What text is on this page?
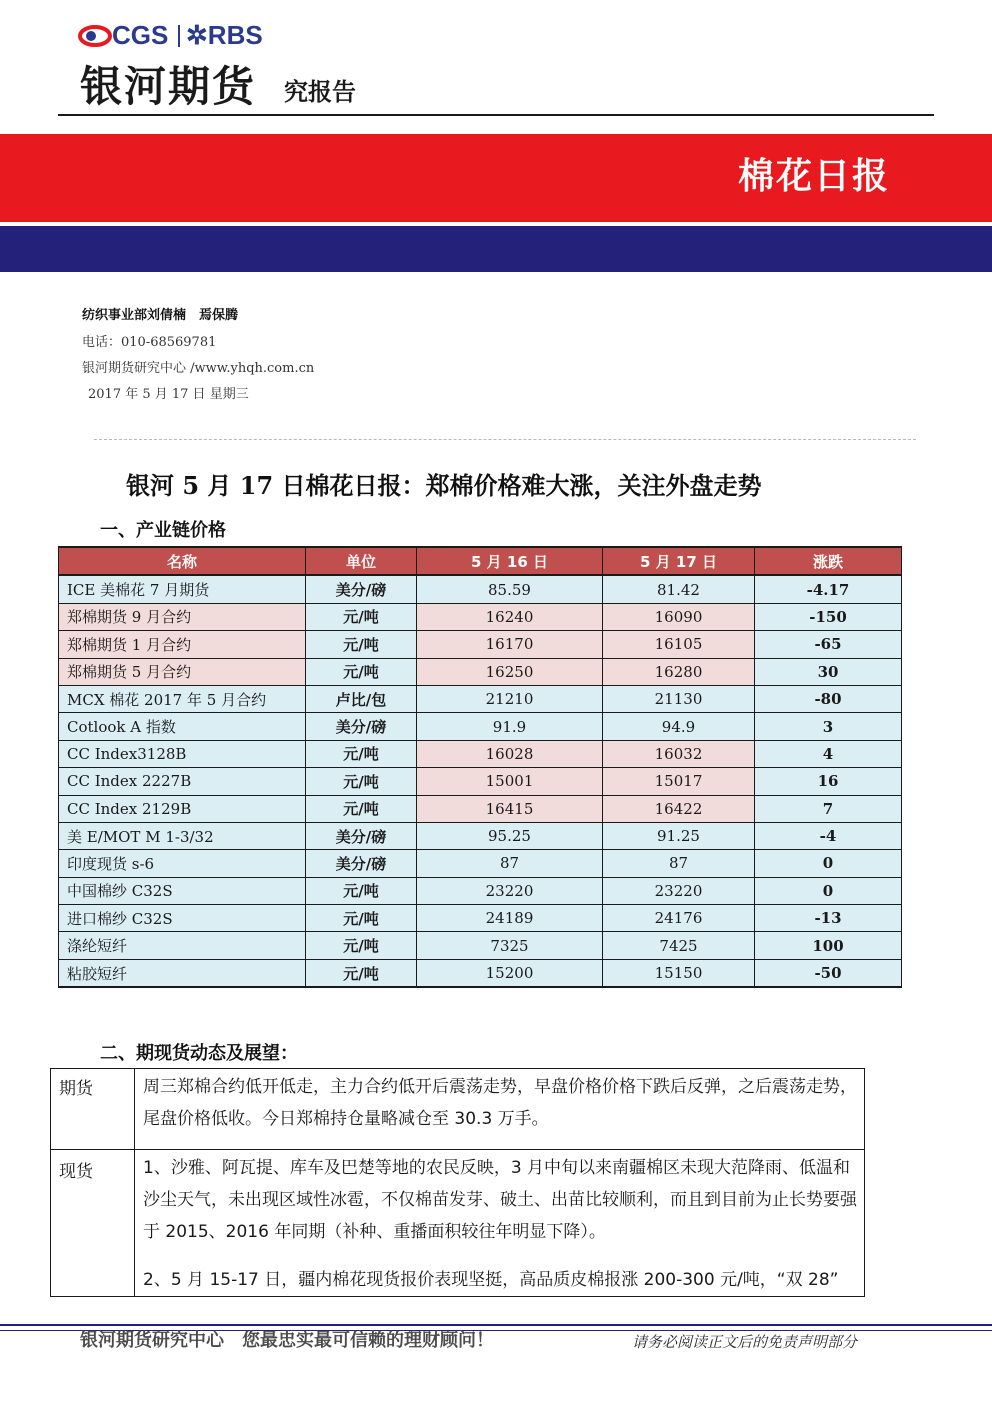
CGS ✲RBS
银河期货 究报告
棉花日报
纺织事业部刘倩楠　焉保腾
电话：010-68569781
银河期货研究中心 /www.yhqh.com.cn
2017 年 5 月 17 日 星期三
银河 5 月 17 日棉花日报：郑棉价格难大涨，关注外盘走势
一、产业链价格
名称	单位	5 月 16 日	5 月 17 日	涨跌
ICE 美棉花 7 月期货	美分/磅	85.59	81.42	-4.17
郑棉期货 9 月合约	元/吨	16240	16090	-150
郑棉期货 1 月合约	元/吨	16170	16105	-65
郑棉期货 5 月合约	元/吨	16250	16280	30
MCX 棉花 2017 年 5 月合约	卢比/包	21210	21130	-80
Cotlook A 指数	美分/磅	91.9	94.9	3
CC Index3128B	元/吨	16028	16032	4
CC Index 2227B	元/吨	15001	15017	16
CC Index 2129B	元/吨	16415	16422	7
美 E/MOT M 1-3/32	美分/磅	95.25	91.25	-4
印度现货 s-6	美分/磅	87	87	0
中国棉纱 C32S	元/吨	23220	23220	0
进口棉纱 C32S	元/吨	24189	24176	-13
涤纶短纤	元/吨	7325	7425	100
粘胶短纤	元/吨	15200	15150	-50
二、期现货动态及展望：
期货	周三郑棉合约低开低走，主力合约低开后震荡走势，早盘价格价格下跌后反弹，之后震荡走势，尾盘价格低收。今日郑棉持仓量略减仓至 30.3 万手。
现货	1、沙雅、阿瓦提、库车及巴楚等地的农民反映，3 月中旬以来南疆棉区未现大范降雨、低温和沙尘天气，未出现区域性冰雹，不仅棉苗发芽、破土、出苗比较顺利，而且到目前为止长势要强于 2015、2016 年同期（补种、重播面积较往年明显下降）。

2、5 月 15-17 日，疆内棉花现货报价表现坚挺，高品质皮棉报涨 200-300 元/吨，“双 28”

银河期货研究中心　您最忠实最可信赖的理财顾问！	请务必阅读正文后的免责声明部分
